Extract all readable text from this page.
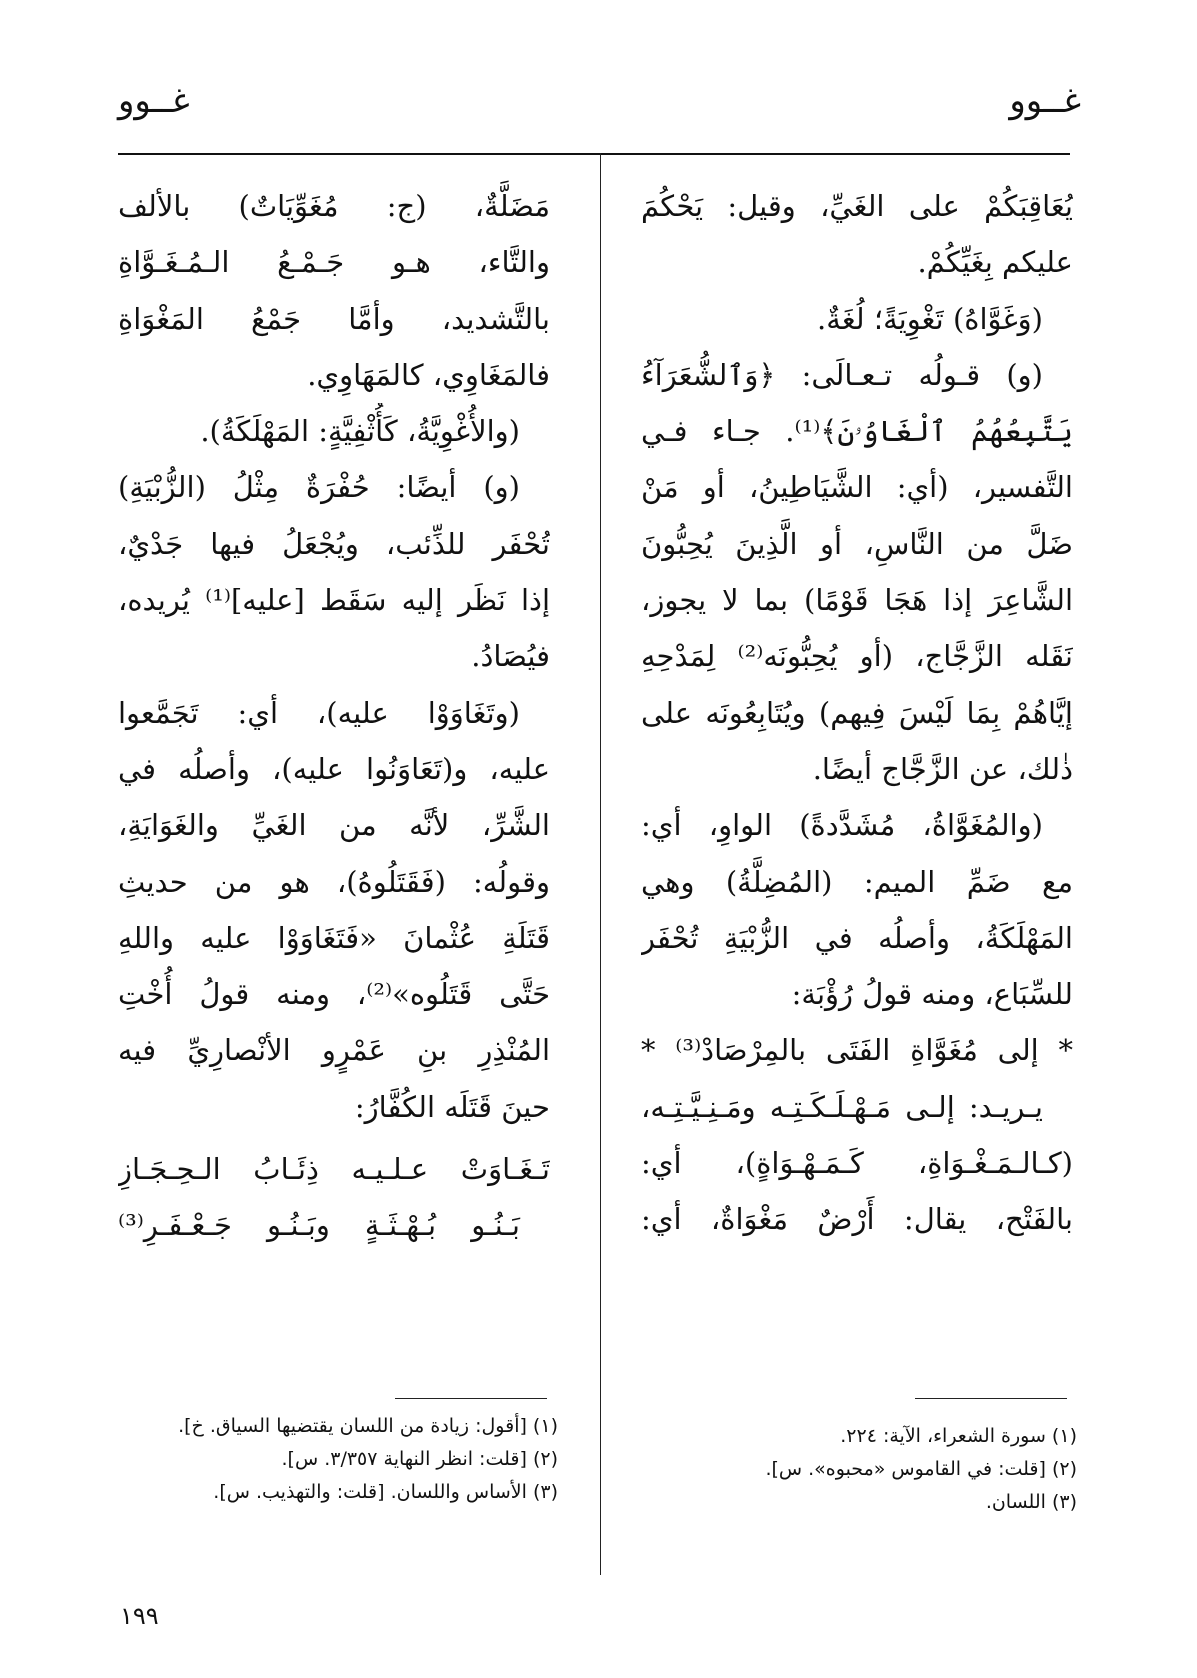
غــوو
غــوو
يُعَاقِبَكُمْ على الغَيِّ، وقيل: يَحْكُمَ
عليكم بِغَيِّكُمْ.
(وَغَوَّاهُ) تَغْوِيَةً؛ لُغَةٌ.
(و) قـولُه تـعـالَى: ﴿وَٱلشُّعَرَآءُ
يَتَّبِعُهُمُ ٱلْغَاوُۥنَ﴾⁽¹⁾. جـاء فـي
التَّفسير، (أي: الشَّيَاطِينُ، أو مَنْ
ضَلَّ من النَّاسِ، أو الَّذِينَ يُحِبُّونَ
الشَّاعِرَ إذا هَجَا قَوْمًا) بما لا يجوز،
نَقَله الزَّجَّاج، (أو يُحِبُّونَه⁽²⁾ لِمَدْحِهِ
إيَّاهُمْ بِمَا لَيْسَ فِيهم) ويُتَابِعُونَه على
ذٰلك، عن الزَّجَّاج أيضًا.
(والمُغَوَّاةُ، مُشَدَّدةً) الواوِ، أي:
مع ضَمِّ الميم: (المُضِلَّةُ) وهي
المَهْلَكَةُ، وأصلُه في الزُّبْيَةِ تُحْفَر
للسِّبَاع، ومنه قولُ رُؤْبَة:
* إلى مُغَوَّاةِ الفَتَى بالمِرْصَادْ⁽³⁾ *
يـريـد: إلـى مَـهْـلَـكَـتِـه ومَـنِـيَّـتِـه،
(كـالـمَـغْـوَاةِ، كَـمَـهْـوَاةٍ)، أي:
بالفَتْح، يقال: أَرْضٌ مَغْوَاةٌ، أي:
مَضَلَّةٌ، (ج: مُغَوِّيَاتٌ) بالألف
والتَّاء، هـو جَـمْـعُ الـمُـغَـوَّاةِ
بالتَّشديد، وأمَّا جَمْعُ المَغْوَاةِ
فالمَغَاوِي، كالمَهَاوِي.
(والأُغْوِيَّةُ، كَأُثْفِيَّةٍ: المَهْلَكَةُ).
(و) أيضًا: حُفْرَةٌ مِثْلُ (الزُّبْيَةِ)
تُحْفَر للذِّئب، ويُجْعَلُ فيها جَدْيٌ،
إذا نَظَر إليه سَقَط [عليه]⁽¹⁾ يُريده،
فيُصَادُ.
(وتَغَاوَوْا عليه)، أي: تَجَمَّعوا
عليه، و(تَعَاوَنُوا عليه)، وأصلُه في
الشَّرِّ، لأنَّه من الغَيِّ والغَوَايَةِ،
وقولُه: (فَقَتَلُوهُ)، هو من حديثِ
قَتَلَةِ عُثْمانَ «فَتَغَاوَوْا عليه واللهِ
حَتَّى قَتَلُوه»⁽²⁾، ومنه قولُ أُخْتِ
المُنْذِرِ بنِ عَمْرٍو الأنْصارِيِّ فيه
حينَ قَتَلَه الكُفَّارُ:
تَـغَـاوَتْ عـلـيـه ذِئَـابُ الـحِـجَـازِ
بَـنُـو بُـهْـثَـةٍ وبَـنُـو جَـعْـفَـرِ⁽³⁾
(١) سورة الشعراء، الآية: ٢٢٤.
(٢) [قلت: في القاموس «محبوه». س].
(٣) اللسان.
(١) [أقول: زيادة من اللسان يقتضيها السياق. خ].
(٢) [قلت: انظر النهاية ٣/٣٥٧. س].
(٣) الأساس واللسان. [قلت: والتهذيب. س].
١٩٩
